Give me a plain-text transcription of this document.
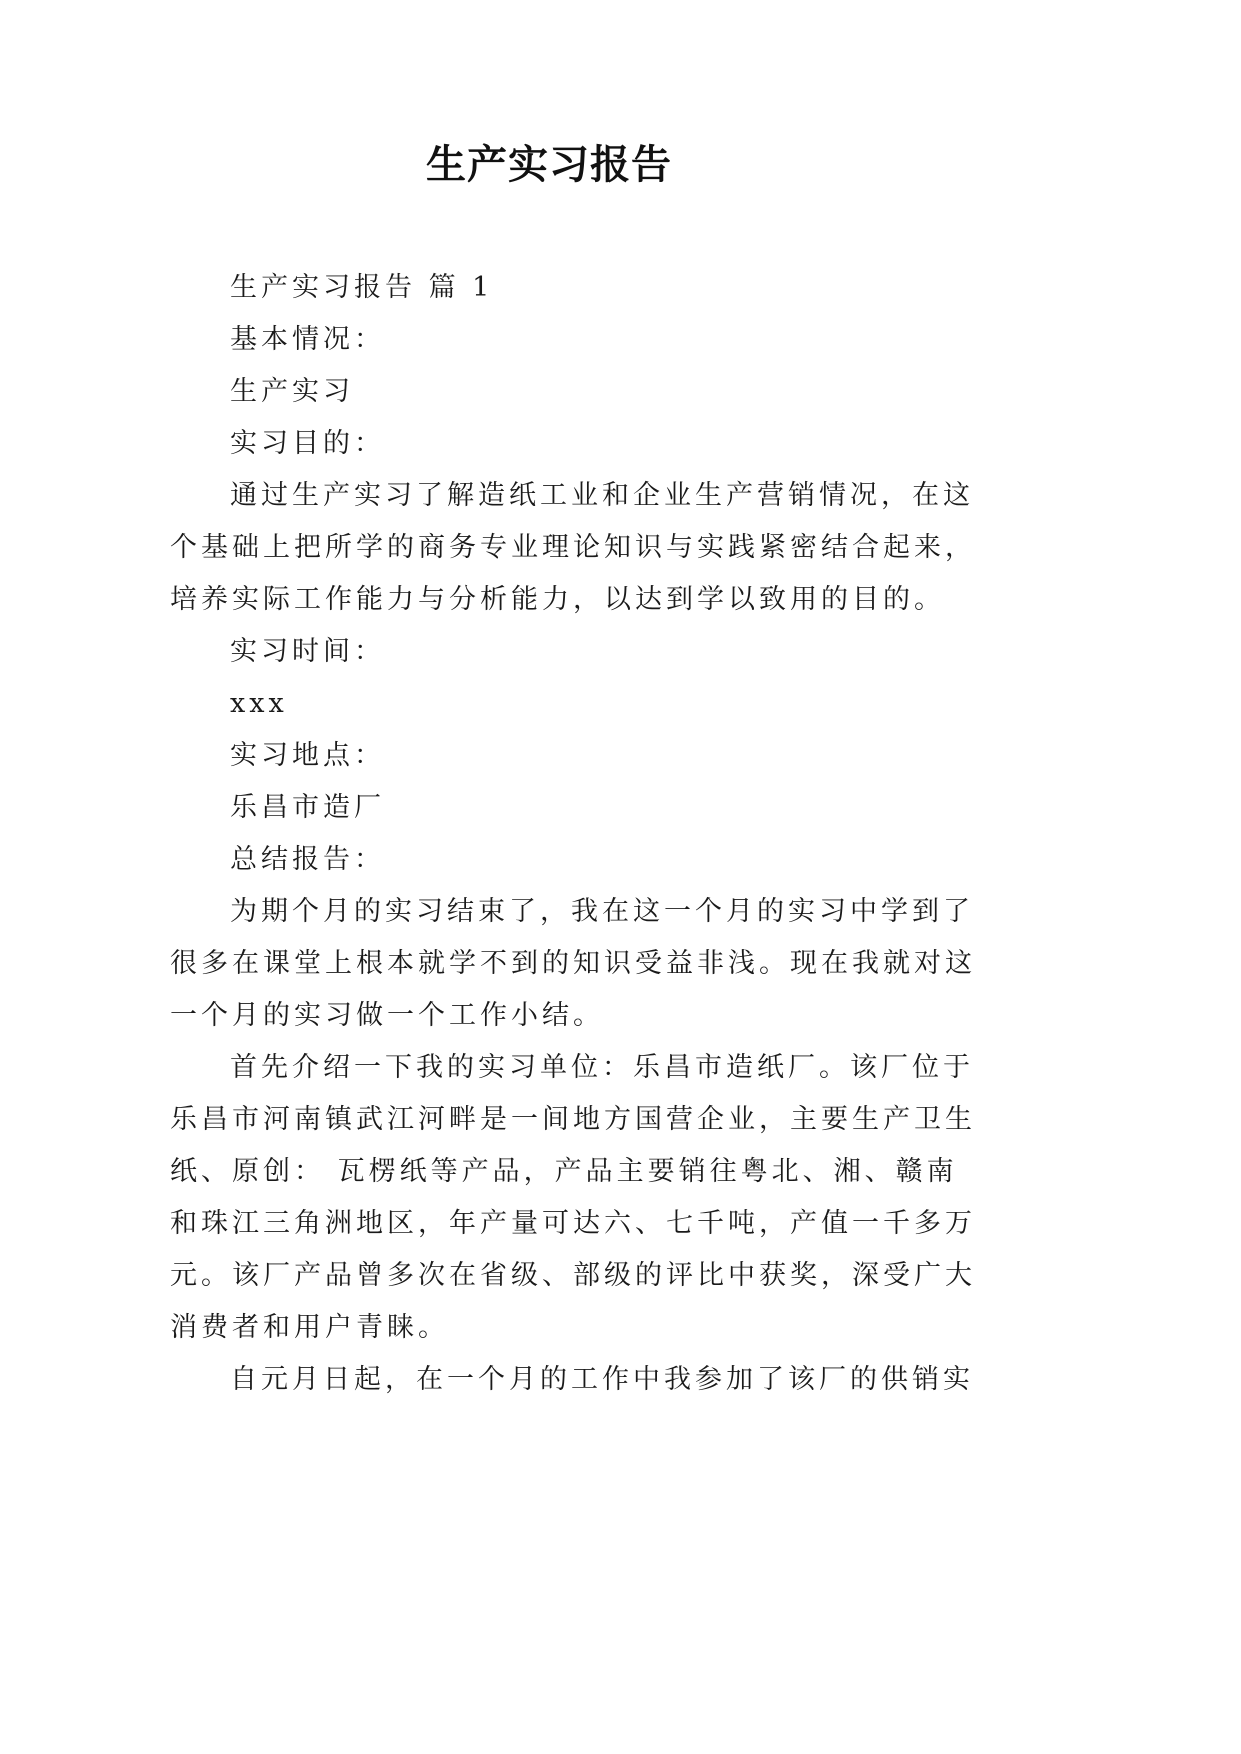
生产实习报告

生产实习报告 篇 1

基本情况：

生产实习

实习目的：

通过生产实习了解造纸工业和企业生产营销情况，在这

个基础上把所学的商务专业理论知识与实践紧密结合起来，

培养实际工作能力与分析能力，以达到学以致用的目的。

实习时间：

xxx

实习地点：

乐昌市造厂

总结报告：

为期个月的实习结束了，我在这一个月的实习中学到了

很多在课堂上根本就学不到的知识受益非浅。现在我就对这

一个月的实习做一个工作小结。

首先介绍一下我的实习单位：乐昌市造纸厂。该厂位于

乐昌市河南镇武江河畔是一间地方国营企业，主要生产卫生

纸、原创： 瓦楞纸等产品，产品主要销往粤北、湘、赣南

和珠江三角洲地区，年产量可达六、七千吨，产值一千多万

元。该厂产品曾多次在省级、部级的评比中获奖，深受广大

消费者和用户青睐。

自元月日起，在一个月的工作中我参加了该厂的供销实
